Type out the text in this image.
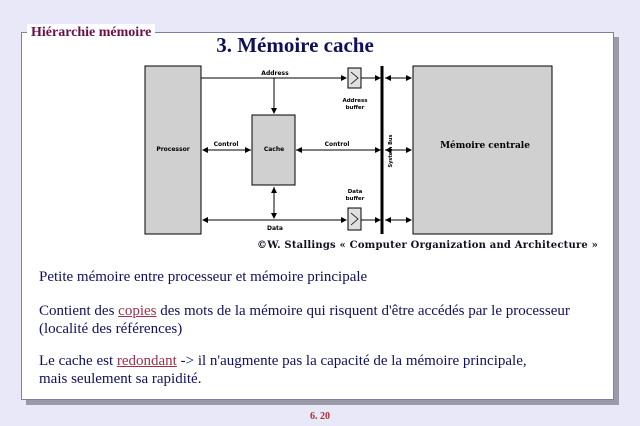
Hiérarchie mémoire
3. Mémoire cache
Processor	Cache	Mémoire centrale
System Bus
Address
Address
buffer
Control	Control
Data
Data
buffer
©W. Stallings « Computer Organization and Architecture »
Petite mémoire entre processeur et mémoire principale
Contient des copies des mots de la mémoire qui risquent d'être accédés par le processeur
(localité des références)
Le cache est redondant -> il n'augmente pas la capacité de la mémoire principale,
mais seulement sa rapidité.
6. 20
